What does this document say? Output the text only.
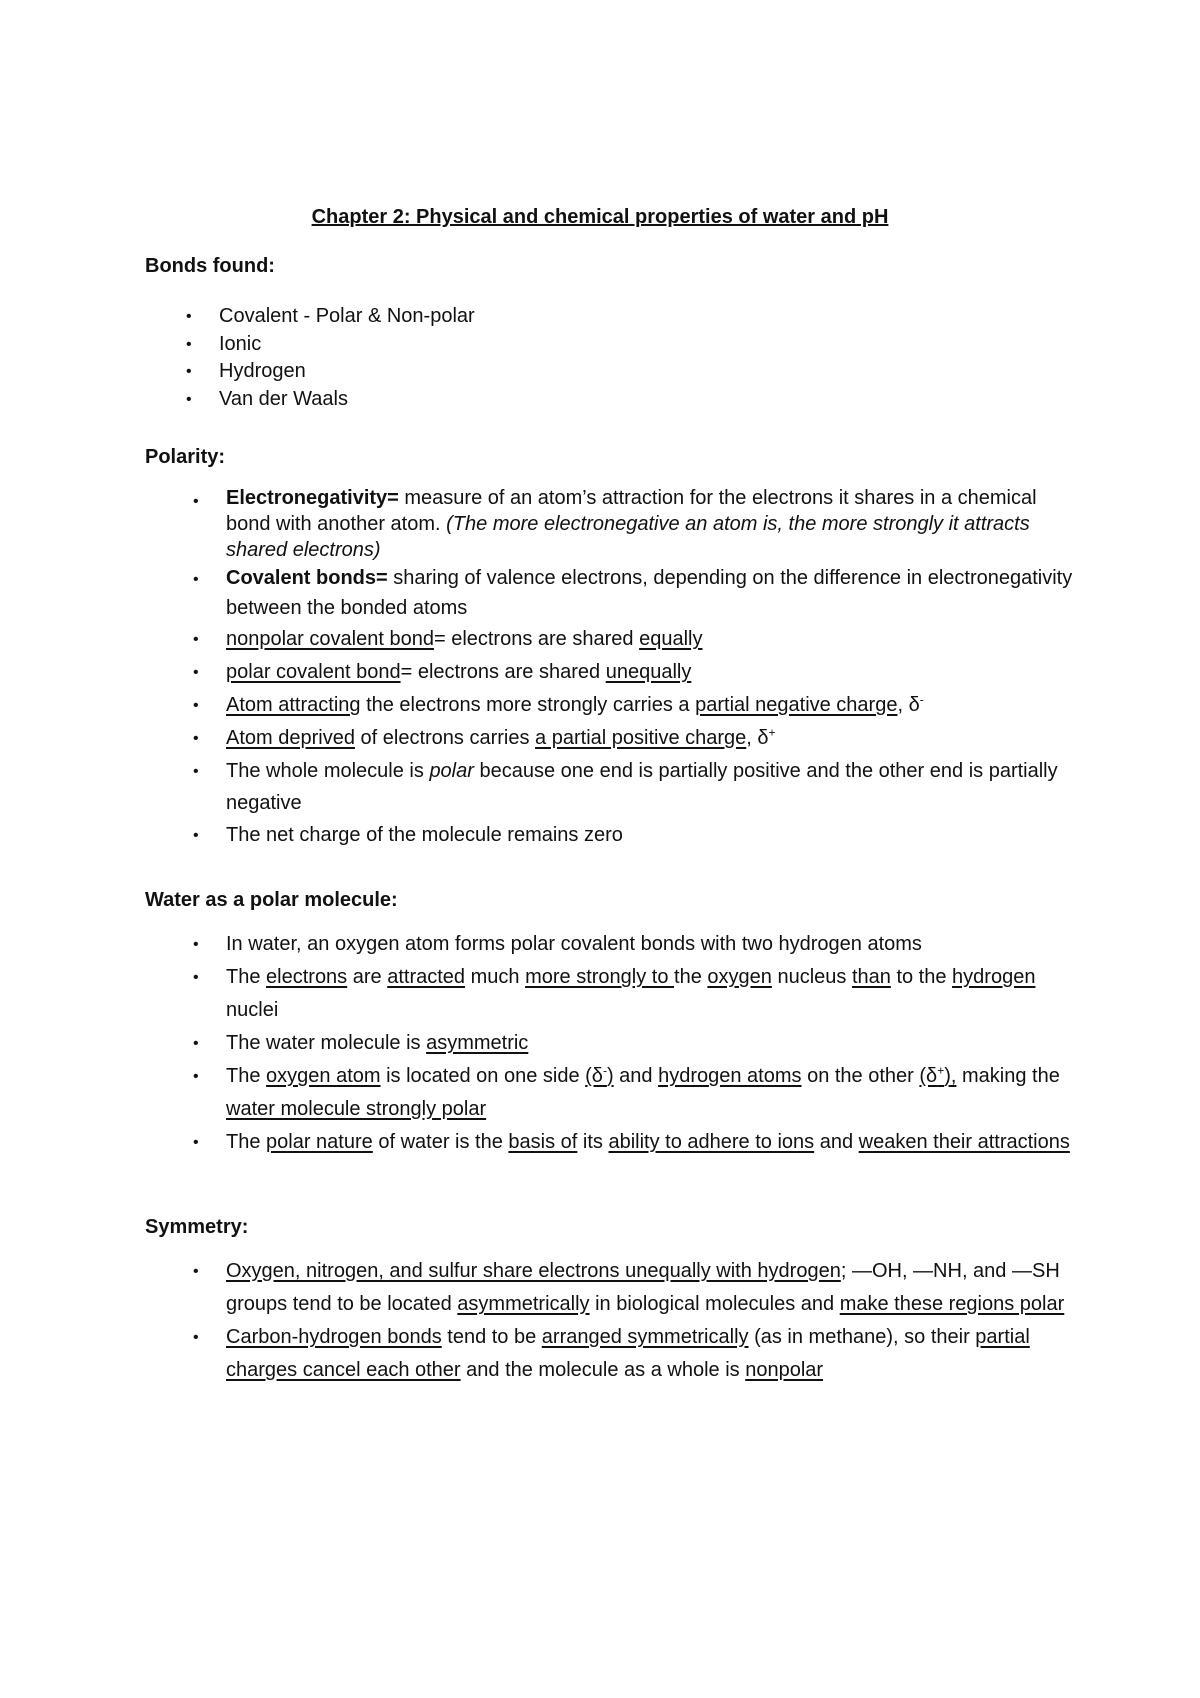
Chapter 2: Physical and chemical properties of water and pH
Bonds found:
• Covalent - Polar & Non-polar
• Ionic
• Hydrogen
• Van der Waals
Polarity:
• Electronegativity= measure of an atom’s attraction for the electrons it shares in a chemical bond with another atom. (The more electronegative an atom is, the more strongly it attracts shared electrons)
• Covalent bonds= sharing of valence electrons, depending on the difference in electronegativity between the bonded atoms
• nonpolar covalent bond= electrons are shared equally
• polar covalent bond= electrons are shared unequally
• Atom attracting the electrons more strongly carries a partial negative charge, δ-
• Atom deprived of electrons carries a partial positive charge, δ+
• The whole molecule is polar because one end is partially positive and the other end is partially negative
• The net charge of the molecule remains zero
Water as a polar molecule:
• In water, an oxygen atom forms polar covalent bonds with two hydrogen atoms
• The electrons are attracted much more strongly to the oxygen nucleus than to the hydrogen nuclei
• The water molecule is asymmetric
• The oxygen atom is located on one side (δ-) and hydrogen atoms on the other (δ+), making the water molecule strongly polar
• The polar nature of water is the basis of its ability to adhere to ions and weaken their attractions
Symmetry:
• Oxygen, nitrogen, and sulfur share electrons unequally with hydrogen; —OH, —NH, and —SH groups tend to be located asymmetrically in biological molecules and make these regions polar
• Carbon-hydrogen bonds tend to be arranged symmetrically (as in methane), so their partial charges cancel each other and the molecule as a whole is nonpolar
